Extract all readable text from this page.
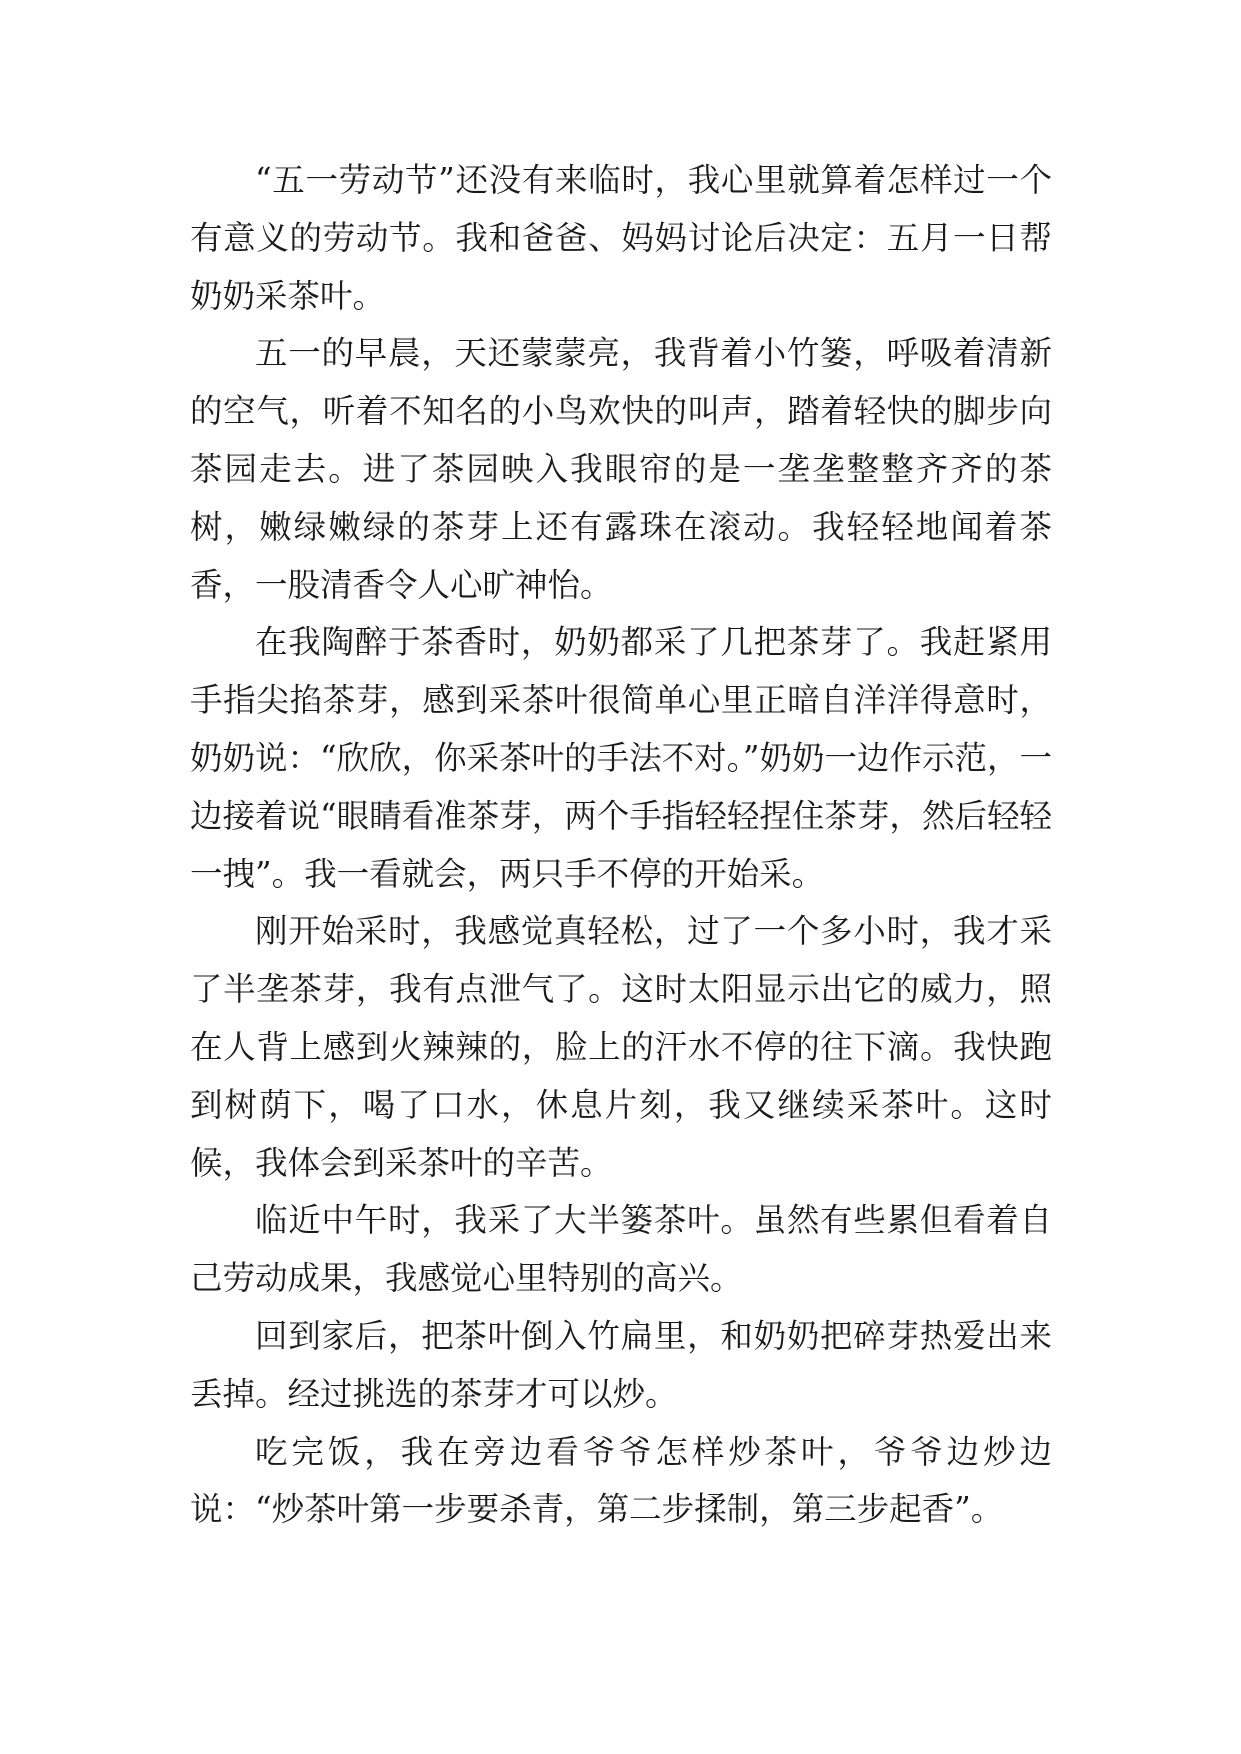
“五一劳动节”还没有来临时，我心里就算着怎样过一个有意义的劳动节。我和爸爸、妈妈讨论后决定：五月一日帮奶奶采茶叶。

五一的早晨，天还蒙蒙亮，我背着小竹篓，呼吸着清新的空气，听着不知名的小鸟欢快的叫声，踏着轻快的脚步向茶园走去。进了茶园映入我眼帘的是一垄垄整整齐齐的茶树，嫩绿嫩绿的茶芽上还有露珠在滚动。我轻轻地闻着茶香，一股清香令人心旷神怡。

在我陶醉于茶香时，奶奶都采了几把茶芽了。我赶紧用手指尖掐茶芽，感到采茶叶很简单心里正暗自洋洋得意时，奶奶说：“欣欣，你采茶叶的手法不对。”奶奶一边作示范，一边接着说“眼睛看准茶芽，两个手指轻轻捏住茶芽，然后轻轻一拽”。我一看就会，两只手不停的开始采。

刚开始采时，我感觉真轻松，过了一个多小时，我才采了半垄茶芽，我有点泄气了。这时太阳显示出它的威力，照在人背上感到火辣辣的，脸上的汗水不停的往下滴。我快跑到树荫下，喝了口水，休息片刻，我又继续采茶叶。这时候，我体会到采茶叶的辛苦。

临近中午时，我采了大半篓茶叶。虽然有些累但看着自己劳动成果，我感觉心里特别的高兴。

回到家后，把茶叶倒入竹扁里，和奶奶把碎芽热爱出来丢掉。经过挑选的茶芽才可以炒。

吃完饭，我在旁边看爷爷怎样炒茶叶，爷爷边炒边说：“炒茶叶第一步要杀青，第二步揉制，第三步起香”。
